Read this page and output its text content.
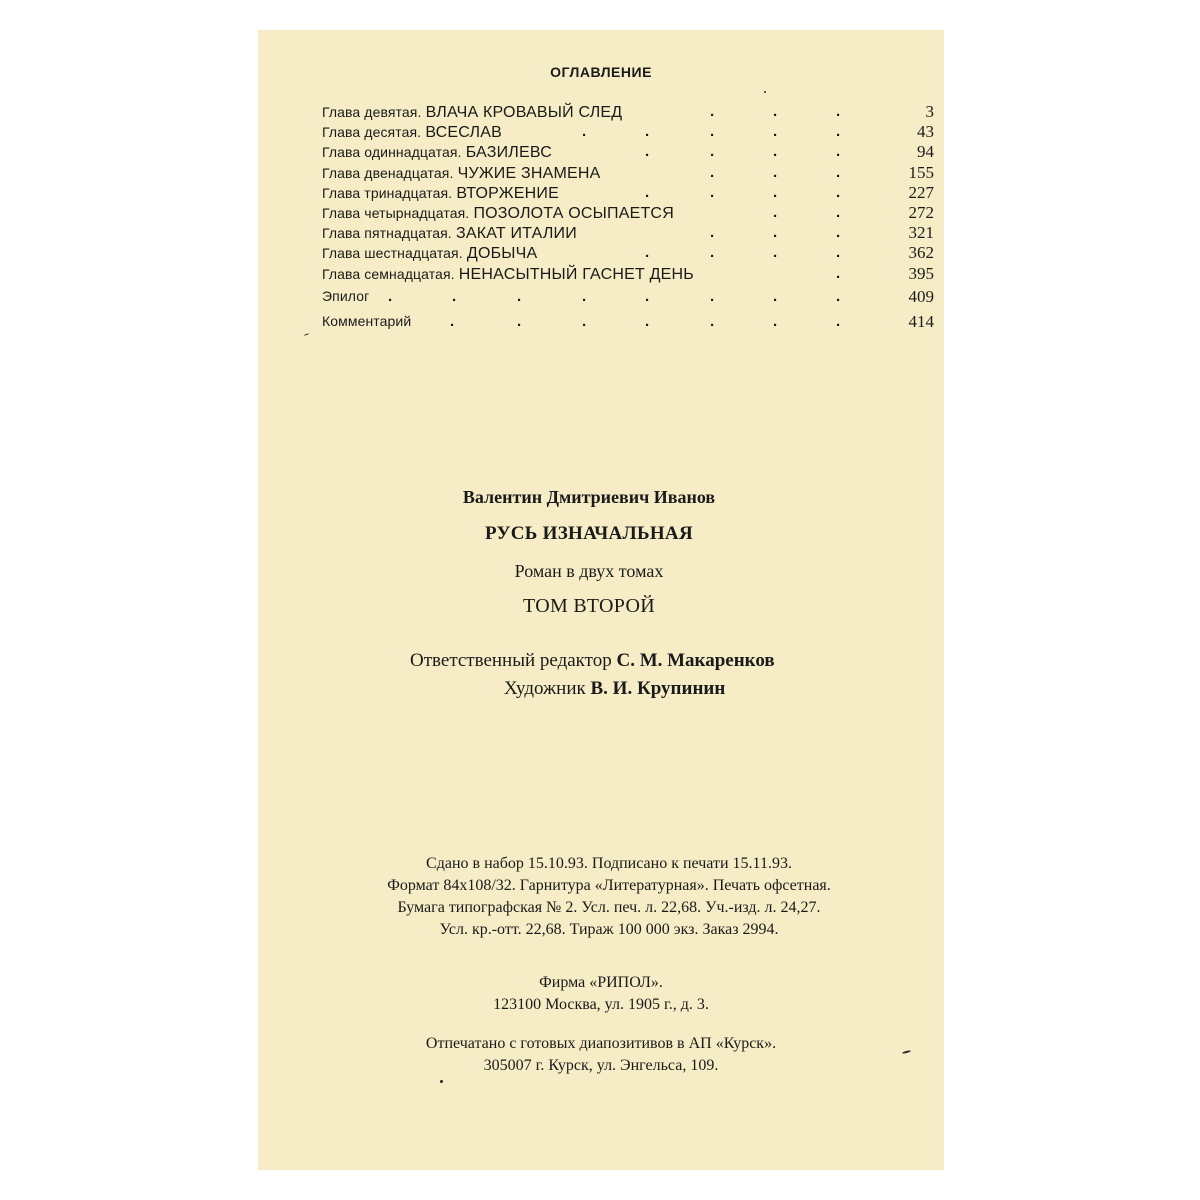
ОГЛАВЛЕНИЕ
Глава девятая. ВЛАЧА КРОВАВЫЙ СЛЕД	.	.	.	3
Глава десятая. ВСЕСЛАВ	.	.	.	.	.	43
Глава одиннадцатая. БАЗИЛЕВС	.	.	.	.	94
Глава двенадцатая. ЧУЖИЕ ЗНАМЕНА	.	.	.	155
Глава тринадцатая. ВТОРЖЕНИЕ	.	.	.	.	227
Глава четырнадцатая. ПОЗОЛОТА ОСЫПАЕТСЯ	.	.	272
Глава пятнадцатая. ЗАКАТ ИТАЛИИ	.	.	.	321
Глава шестнадцатая. ДОБЫЧА	.	.	.	.	362
Глава семнадцатая. НЕНАСЫТНЫЙ ГАСНЕТ ДЕНЬ	.	395
Эпилог .	.	.	.	.	.	.	.	409
Комментарий	.	.	.	.	.	.	.	414
Валентин Дмитриевич Иванов
РУСЬ ИЗНАЧАЛЬНАЯ
Роман в двух томах
ТОМ ВТОРОЙ
Ответственный редактор С. М. Макаренков
Художник В. И. Крупинин
Сдано в набор 15.10.93. Подписано к печати 15.11.93.
Формат 84х108/32. Гарнитура «Литературная». Печать офсетная.
Бумага типографская № 2. Усл. печ. л. 22,68. Уч.-изд. л. 24,27.
Усл. кр.-отт. 22,68. Тираж 100 000 экз. Заказ 2994.
Фирма «РИПОЛ».
123100 Москва, ул. 1905 г., д. 3.
Отпечатано с готовых диапозитивов в АП «Курск».
305007 г. Курск, ул. Энгельса, 109.
